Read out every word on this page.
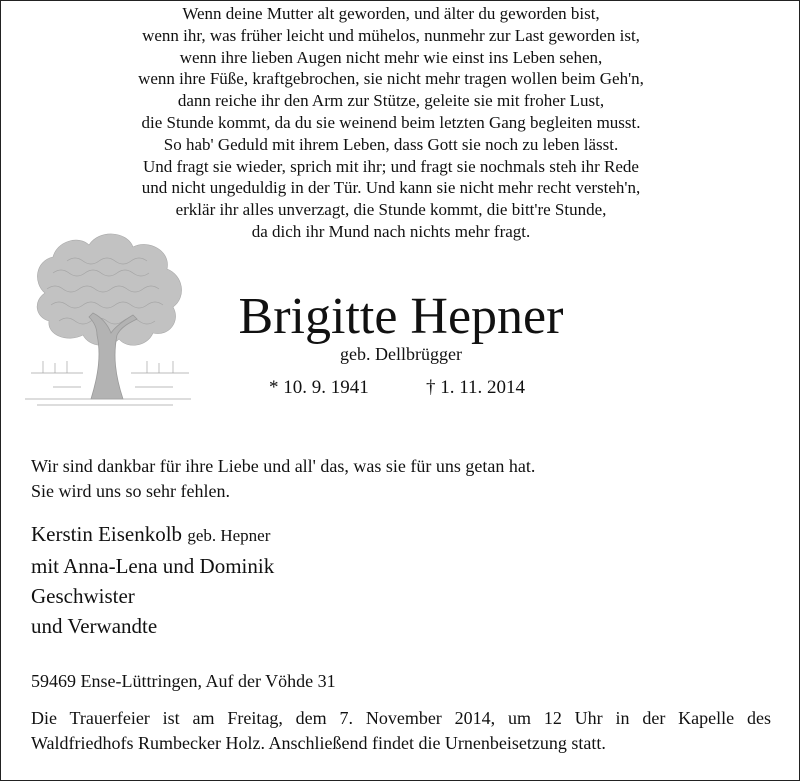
Wenn deine Mutter alt geworden, und älter du geworden bist,
wenn ihr, was früher leicht und mühelos, nunmehr zur Last geworden ist,
wenn ihre lieben Augen nicht mehr wie einst ins Leben sehen,
wenn ihre Füße, kraftgebrochen, sie nicht mehr tragen wollen beim Geh'n,
dann reiche ihr den Arm zur Stütze, geleite sie mit froher Lust,
die Stunde kommt, da du sie weinend beim letzten Gang begleiten musst.
So hab' Geduld mit ihrem Leben, dass Gott sie noch zu leben lässt.
Und fragt sie wieder, sprich mit ihr; und fragt sie nochmals steh ihr Rede
und nicht ungeduldig in der Tür. Und kann sie nicht mehr recht versteh'n,
erklär ihr alles unverzagt, die Stunde kommt, die bitt're Stunde,
da dich ihr Mund nach nichts mehr fragt.
Brigitte Hepner
geb. Dellbrügger
* 10. 9. 1941	† 1. 11. 2014
Wir sind dankbar für ihre Liebe und all' das, was sie für uns getan hat.
Sie wird uns so sehr fehlen.
Kerstin Eisenkolb geb. Hepner
mit Anna-Lena und Dominik
Geschwister
und Verwandte
59469 Ense-Lüttringen, Auf der Vöhde 31
Die Trauerfeier ist am Freitag, dem 7. November 2014, um 12 Uhr in der Kapelle des
Waldfriedhofs Rumbecker Holz. Anschließend findet die Urnenbeisetzung statt.
